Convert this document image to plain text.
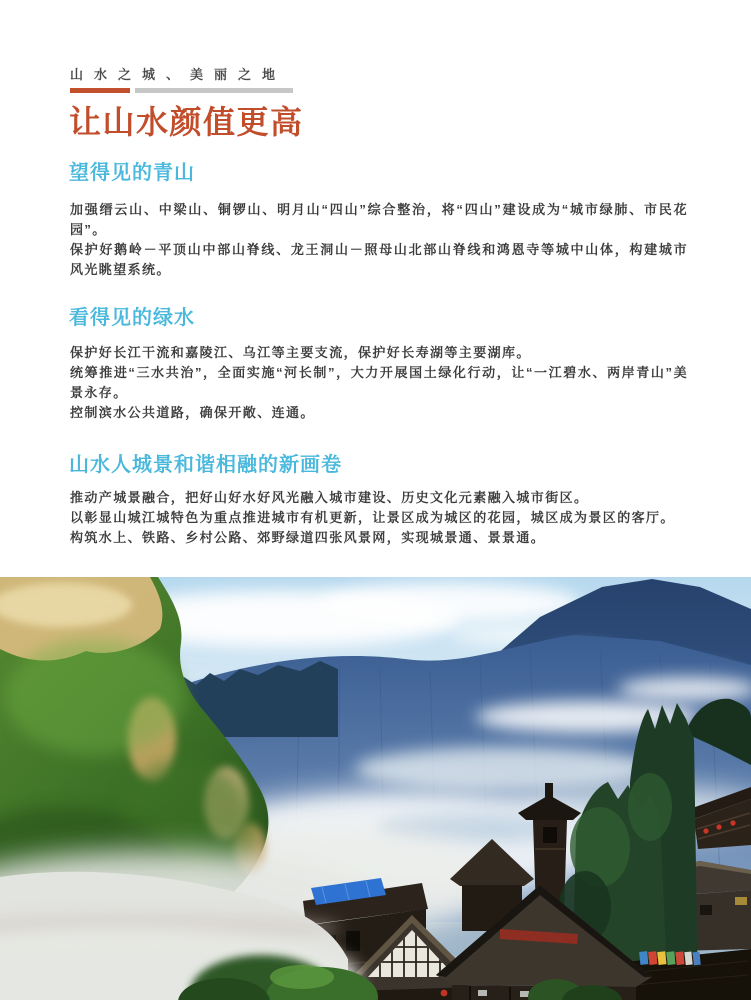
山水之城、美丽之地
让山水颜值更高
望得见的青山

加强缙云山、中梁山、铜锣山、明月山“四山”综合整治，将“四山”建设成为“城市绿肺、市民花园”。

保护好鹅岭－平顶山中部山脊线、龙王洞山－照母山北部山脊线和鸿恩寺等城中山体，构建城市风光眺望系统。

看得见的绿水

保护好长江干流和嘉陵江、乌江等主要支流，保护好长寿湖等主要湖库。

统筹推进“三水共治”，全面实施“河长制”，大力开展国土绿化行动，让“一江碧水、两岸青山”美景永存。

控制滨水公共道路，确保开敞、连通。

山水人城景和谐相融的新画卷

推动产城景融合，把好山好水好风光融入城市建设、历史文化元素融入城市街区。

以彰显山城江城特色为重点推进城市有机更新，让景区成为城区的花园，城区成为景区的客厅。

构筑水上、铁路、乡村公路、郊野绿道四张风景网，实现城景通、景景通。
